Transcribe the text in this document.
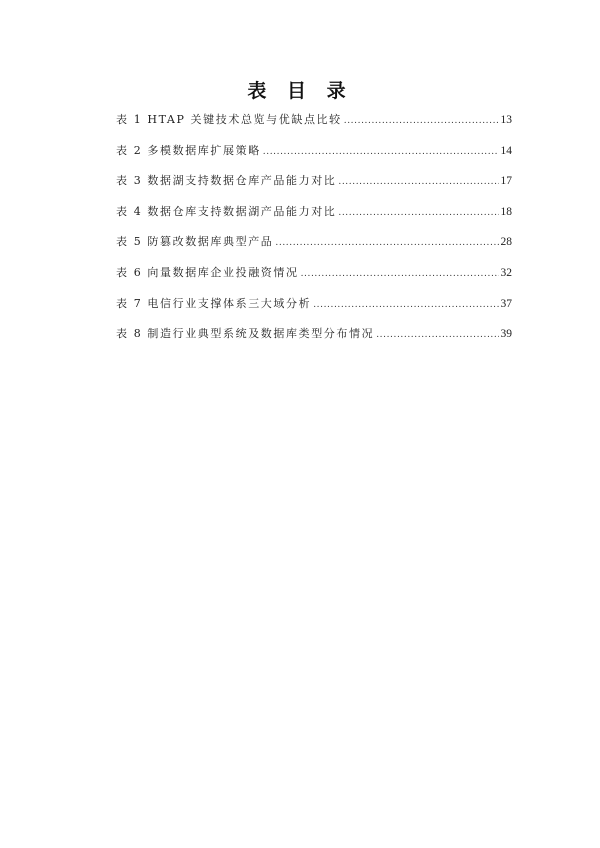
表 目 录
表 1 HTAP 关键技术总览与优缺点比较 .....	13
表 2 多模数据库扩展策略 .....	14
表 3 数据湖支持数据仓库产品能力对比 .....	17
表 4 数据仓库支持数据湖产品能力对比 .....	18
表 5 防篡改数据库典型产品 .....	28
表 6 向量数据库企业投融资情况 .....	32
表 7 电信行业支撑体系三大域分析 .....	37
表 8 制造行业典型系统及数据库类型分布情况 .....	39
